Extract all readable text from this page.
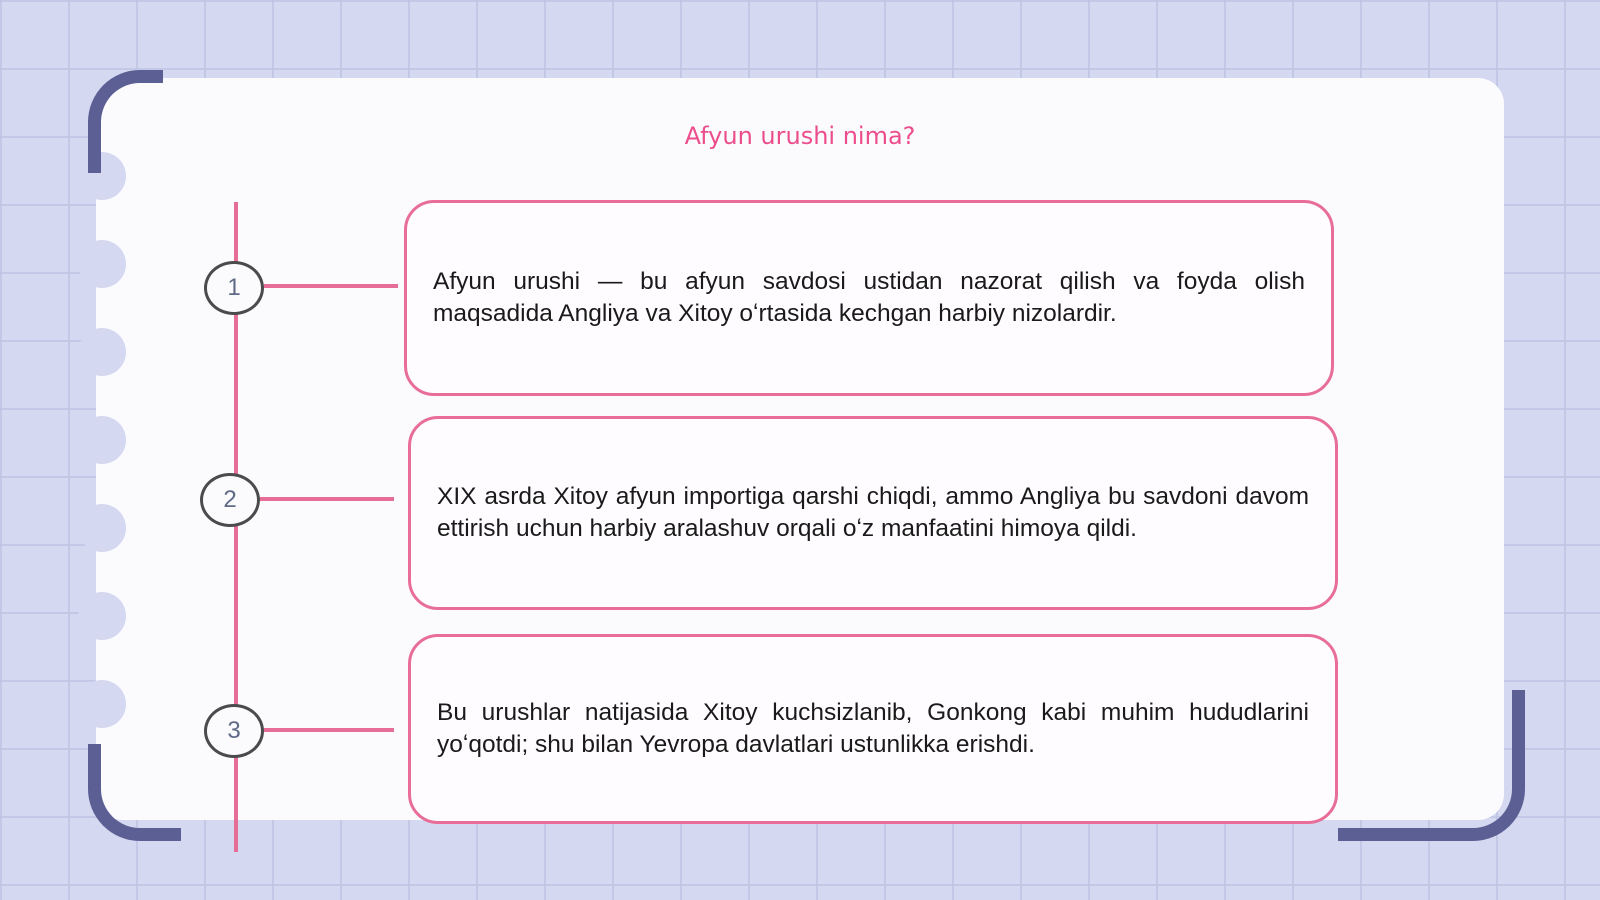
Afyun urushi nima?
1
2
3

Afyun urushi — bu afyun savdosi ustidan nazorat qilish va foyda olish maqsadida Angliya va Xitoy oʻrtasida kechgan harbiy nizolardir.

XIX asrda Xitoy afyun importiga qarshi chiqdi, ammo Angliya bu savdoni davom ettirish uchun harbiy aralashuv orqali oʻz manfaatini himoya qildi.

Bu urushlar natijasida Xitoy kuchsizlanib, Gonkong kabi muhim hududlarini yoʻqotdi; shu bilan Yevropa davlatlari ustunlikka erishdi.
